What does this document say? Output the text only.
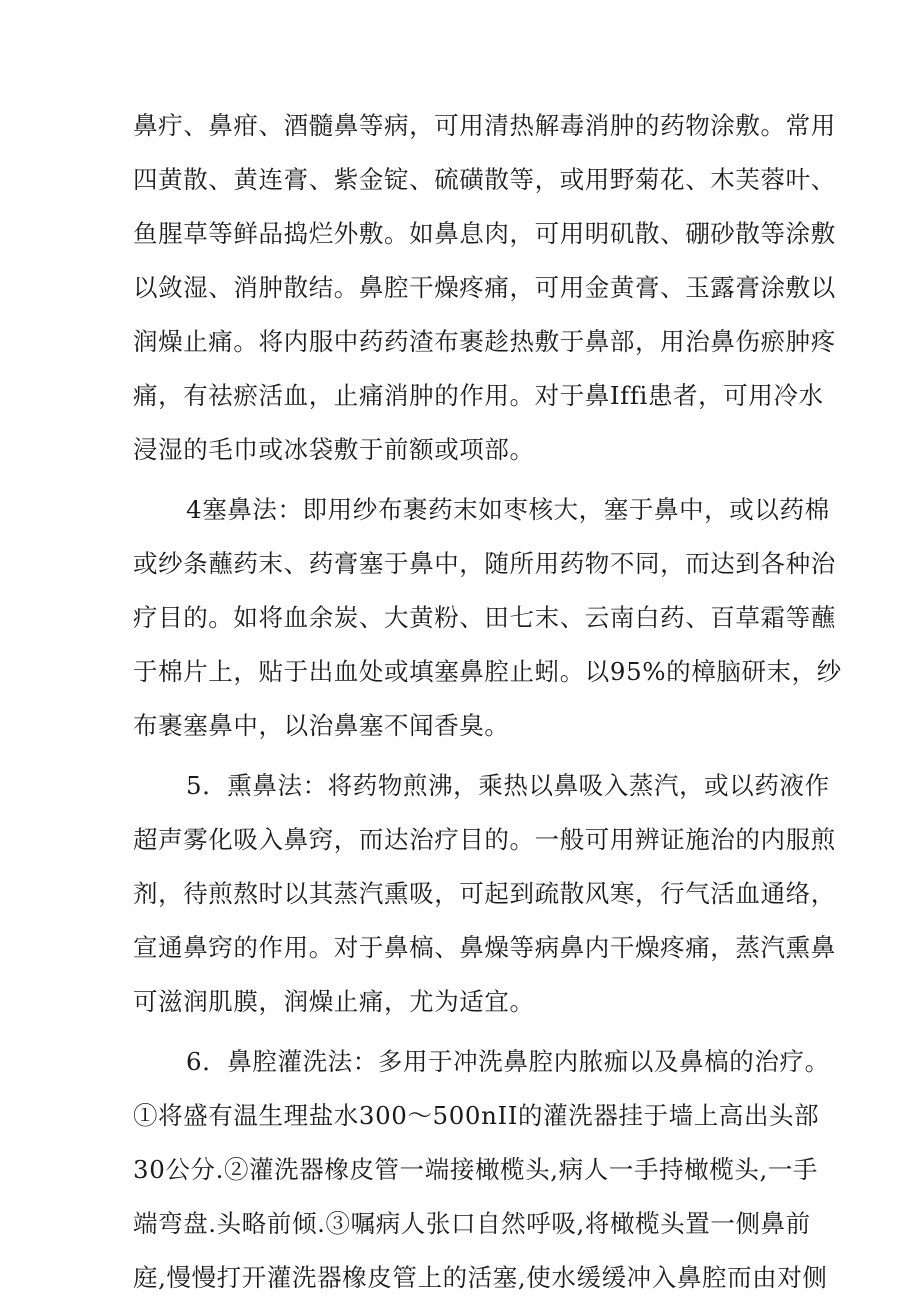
鼻疔、鼻疳、酒髓鼻等病，可用清热解毒消肿的药物涂敷。常用
四黄散、黄连膏、紫金锭、硫磺散等，或用野菊花、木芙蓉叶、
鱼腥草等鲜品捣烂外敷。如鼻息肉，可用明矶散、硼砂散等涂敷
以敛湿、消肿散结。鼻腔干燥疼痛，可用金黄膏、玉露膏涂敷以
润燥止痛。将内服中药药渣布裹趁热敷于鼻部，用治鼻伤瘀肿疼
痛，有祛瘀活血，止痛消肿的作用。对于鼻Iffi患者，可用冷水
浸湿的毛巾或冰袋敷于前额或项部。
4塞鼻法：即用纱布裹药末如枣核大，塞于鼻中，或以药棉
或纱条蘸药末、药膏塞于鼻中，随所用药物不同，而达到各种治
疗目的。如将血余炭、大黄粉、田七末、云南白药、百草霜等蘸
于棉片上，贴于出血处或填塞鼻腔止蚓。以95%的樟脑研末，纱
布裹塞鼻中，以治鼻塞不闻香臭。
5．熏鼻法：将药物煎沸，乘热以鼻吸入蒸汽，或以药液作
超声雾化吸入鼻窍，而达治疗目的。一般可用辨证施治的内服煎
剂，待煎熬时以其蒸汽熏吸，可起到疏散风寒，行气活血通络，
宣通鼻窍的作用。对于鼻槁、鼻燥等病鼻内干燥疼痛，蒸汽熏鼻
可滋润肌膜，润燥止痛，尤为适宜。
6．鼻腔灌洗法：多用于冲洗鼻腔内脓痂以及鼻槁的治疗。
①将盛有温生理盐水300～500nII的灌洗器挂于墙上高出头部
30公分.②灌洗器橡皮管一端接橄榄头,病人一手持橄榄头,一手
端弯盘.头略前倾.③嘱病人张口自然呼吸,将橄榄头置一侧鼻前
庭,慢慢打开灌洗器橡皮管上的活塞,使水缓缓冲入鼻腔而由对侧
